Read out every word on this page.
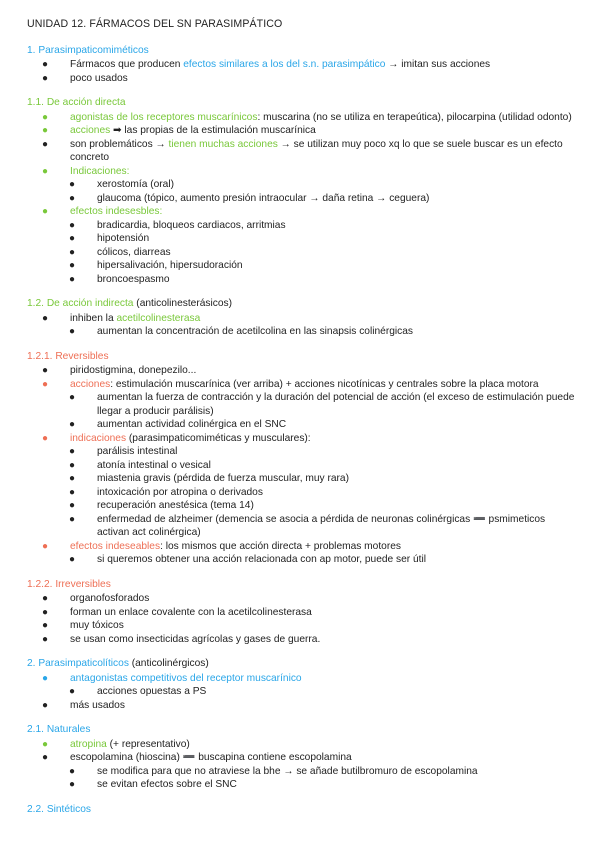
UNIDAD 12. FÁRMACOS DEL SN PARASIMPÁTICO
1. Parasimpaticomiméticos
● Fármacos que producen efectos similares a los del s.n. parasimpático → imitan sus acciones
● poco usados
1.1. De acción directa
● agonistas de los receptores muscarínicos: muscarina (no se utiliza en terapeútica), pilocarpina (utilidad odonto)
● acciones ➡ las propias de la estimulación muscarínica
● son problemáticos → tienen muchas acciones → se utilizan muy poco xq lo que se suele buscar es un efecto concreto
● Indicaciones:
● xerostomía (oral)
● glaucoma (tópico, aumento presión intraocular → daña retina → ceguera)
● efectos indesesbles:
● bradicardia, bloqueos cardiacos, arritmias
● hipotensión
● cólicos, diarreas
● hipersalivación, hipersudoración
● broncoespasmo
1.2. De acción indirecta (anticolinesterásicos)
● inhiben la acetilcolinesterasa
● aumentan la concentración de acetilcolina en las sinapsis colinérgicas
1.2.1. Reversibles
● piridostigmina, donepezilo...
● acciones: estimulación muscarínica (ver arriba) + acciones nicotínicas y centrales sobre la placa motora
● aumentan la fuerza de contracción y la duración del potencial de acción (el exceso de estimulación puede llegar a producir parálisis)
● aumentan actividad colinérgica en el SNC
● indicaciones (parasimpaticomiméticas y musculares):
● parálisis intestinal
● atonía intestinal o vesical
● miastenia gravis (pérdida de fuerza muscular, muy rara)
● intoxicación por atropina o derivados
● recuperación anestésica (tema 14)
● enfermedad de alzheimer (demencia se asocia a pérdida de neuronas colinérgicas ➖ psmimeticos activan act colinérgica)
● efectos indeseables: los mismos que acción directa + problemas motores
● si queremos obtener una acción relacionada con ap motor, puede ser útil
1.2.2. Irreversibles
● organofosforados
● forman un enlace covalente con la acetilcolinesterasa
● muy tóxicos
● se usan como insecticidas agrícolas y gases de guerra.
2. Parasimpaticolíticos (anticolinérgicos)
● antagonistas competitivos del receptor muscarínico
● acciones opuestas a PS
● más usados
2.1. Naturales
● atropina (+ representativo)
● escopolamina (hioscina) ➖ buscapina contiene escopolamina
● se modifica para que no atraviese la bhe → se añade butilbromuro de escopolamina
● se evitan efectos sobre el SNC
2.2. Sintéticos
